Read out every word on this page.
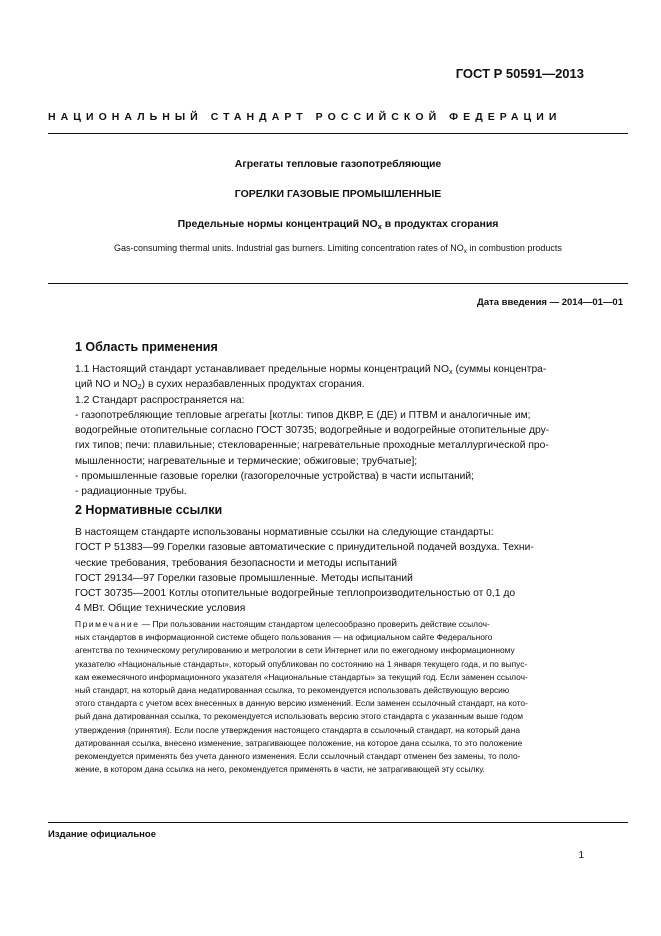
ГОСТ Р 50591—2013
НАЦИОНАЛЬНЫЙ СТАНДАРТ РОССИЙСКОЙ ФЕДЕРАЦИИ
Агрегаты тепловые газопотребляющие
ГОРЕЛКИ ГАЗОВЫЕ ПРОМЫШЛЕННЫЕ
Предельные нормы концентраций $NO_x$ в продуктах сгорания
Gas-consuming thermal units. Industrial gas burners. Limiting concentration rates of $NO_x$ in combustion products
Дата введения — 2014—01—01
1 Область применения
1.1 Настоящий стандарт устанавливает предельные нормы концентраций $NO_x$ (суммы концентра-
ций NO и $NO_2$) в сухих неразбавленных продуктах сгорания.
1.2 Стандарт распространяется на:
- газопотребляющие тепловые агрегаты [котлы: типов ДКВР, Е (ДЕ) и ПТВМ и аналогичные им;
водогрейные отопительные согласно ГОСТ 30735; водогрейные и водогрейные отопительные дру-
гих типов; печи: плавильные; стекловаренные; нагревательные проходные металлургической про-
мышленности; нагревательные и термические; обжиговые; трубчатые];
- промышленные газовые горелки (газогорелочные устройства) в части испытаний;
- радиационные трубы.
2 Нормативные ссылки
В настоящем стандарте использованы нормативные ссылки на следующие стандарты:
ГОСТ Р 51383—99 Горелки газовые автоматические с принудительной подачей воздуха. Техни-
ческие требования, требования безопасности и методы испытаний
ГОСТ 29134—97 Горелки газовые промышленные. Методы испытаний
ГОСТ 30735—2001 Котлы отопительные водогрейные теплопроизводительностью от 0,1 до
4 МВт. Общие технические условия
Примечание — При пользовании настоящим стандартом целесообразно проверить действие ссылоч-
ных стандартов в информационной системе общего пользования — на официальном сайте Федерального
агентства по техническому регулированию и метрологии в сети Интернет или по ежегодному информационному
указателю «Национальные стандарты», который опубликован по состоянию на 1 января текущего года, и по выпус-
кам ежемесячного информационного указателя «Национальные стандарты» за текущий год. Если заменен ссылоч-
ный стандарт, на который дана недатированная ссылка, то рекомендуется использовать действующую версию
этого стандарта с учетом всех внесенных в данную версию изменений. Если заменен ссылочный стандарт, на кото-
рый дана датированная ссылка, то рекомендуется использовать версию этого стандарта с указанным выше годом
утверждения (принятия). Если после утверждения настоящего стандарта в ссылочный стандарт, на который дана
датированная ссылка, внесено изменение, затрагивающее положение, на которое дана ссылка, то это положение
рекомендуется применять без учета данного изменения. Если ссылочный стандарт отменен без замены, то поло-
жение, в котором дана ссылка на него, рекомендуется применять в части, не затрагивающей эту ссылку.
Издание официальное
1
